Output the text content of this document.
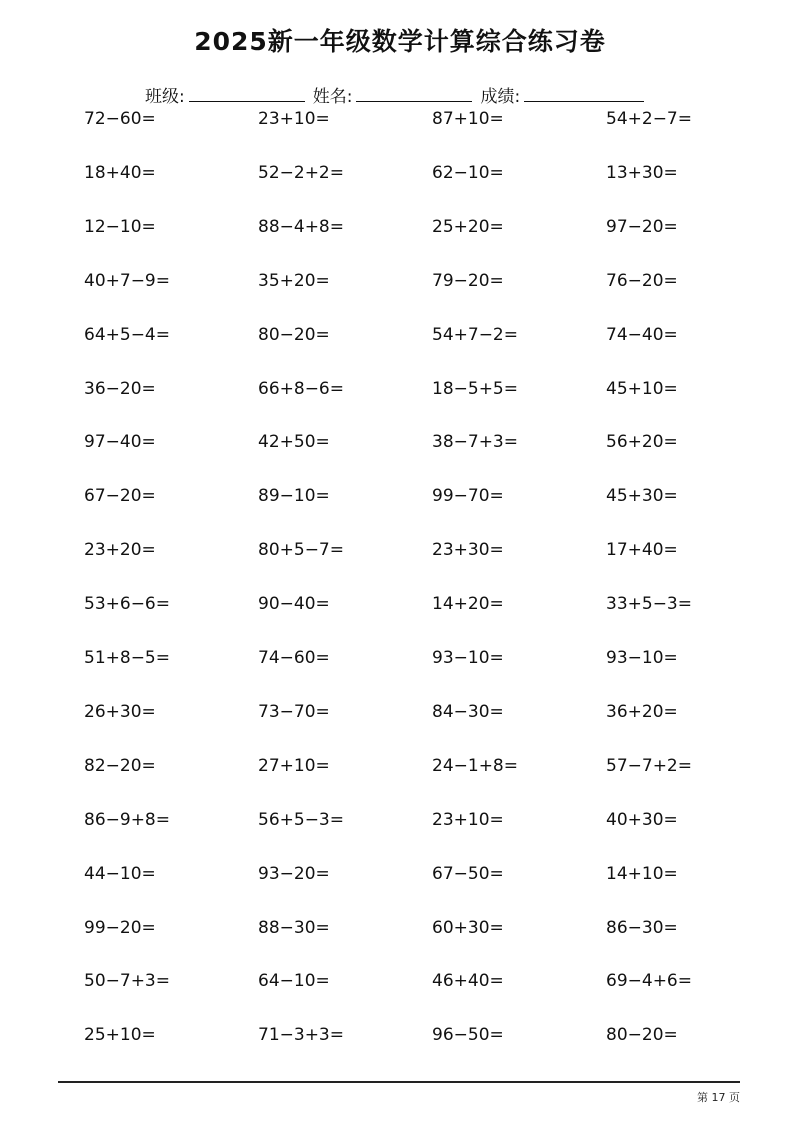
2025新一年级数学计算综合练习卷
班级:	姓名:	成绩:
72−60=	23+10=	87+10=	54+2−7=
18+40=	52−2+2=	62−10=	13+30=
12−10=	88−4+8=	25+20=	97−20=
40+7−9=	35+20=	79−20=	76−20=
64+5−4=	80−20=	54+7−2=	74−40=
36−20=	66+8−6=	18−5+5=	45+10=
97−40=	42+50=	38−7+3=	56+20=
67−20=	89−10=	99−70=	45+30=
23+20=	80+5−7=	23+30=	17+40=
53+6−6=	90−40=	14+20=	33+5−3=
51+8−5=	74−60=	93−10=	93−10=
26+30=	73−70=	84−30=	36+20=
82−20=	27+10=	24−1+8=	57−7+2=
86−9+8=	56+5−3=	23+10=	40+30=
44−10=	93−20=	67−50=	14+10=
99−20=	88−30=	60+30=	86−30=
50−7+3=	64−10=	46+40=	69−4+6=
25+10=	71−3+3=	96−50=	80−20=
第 17 页
